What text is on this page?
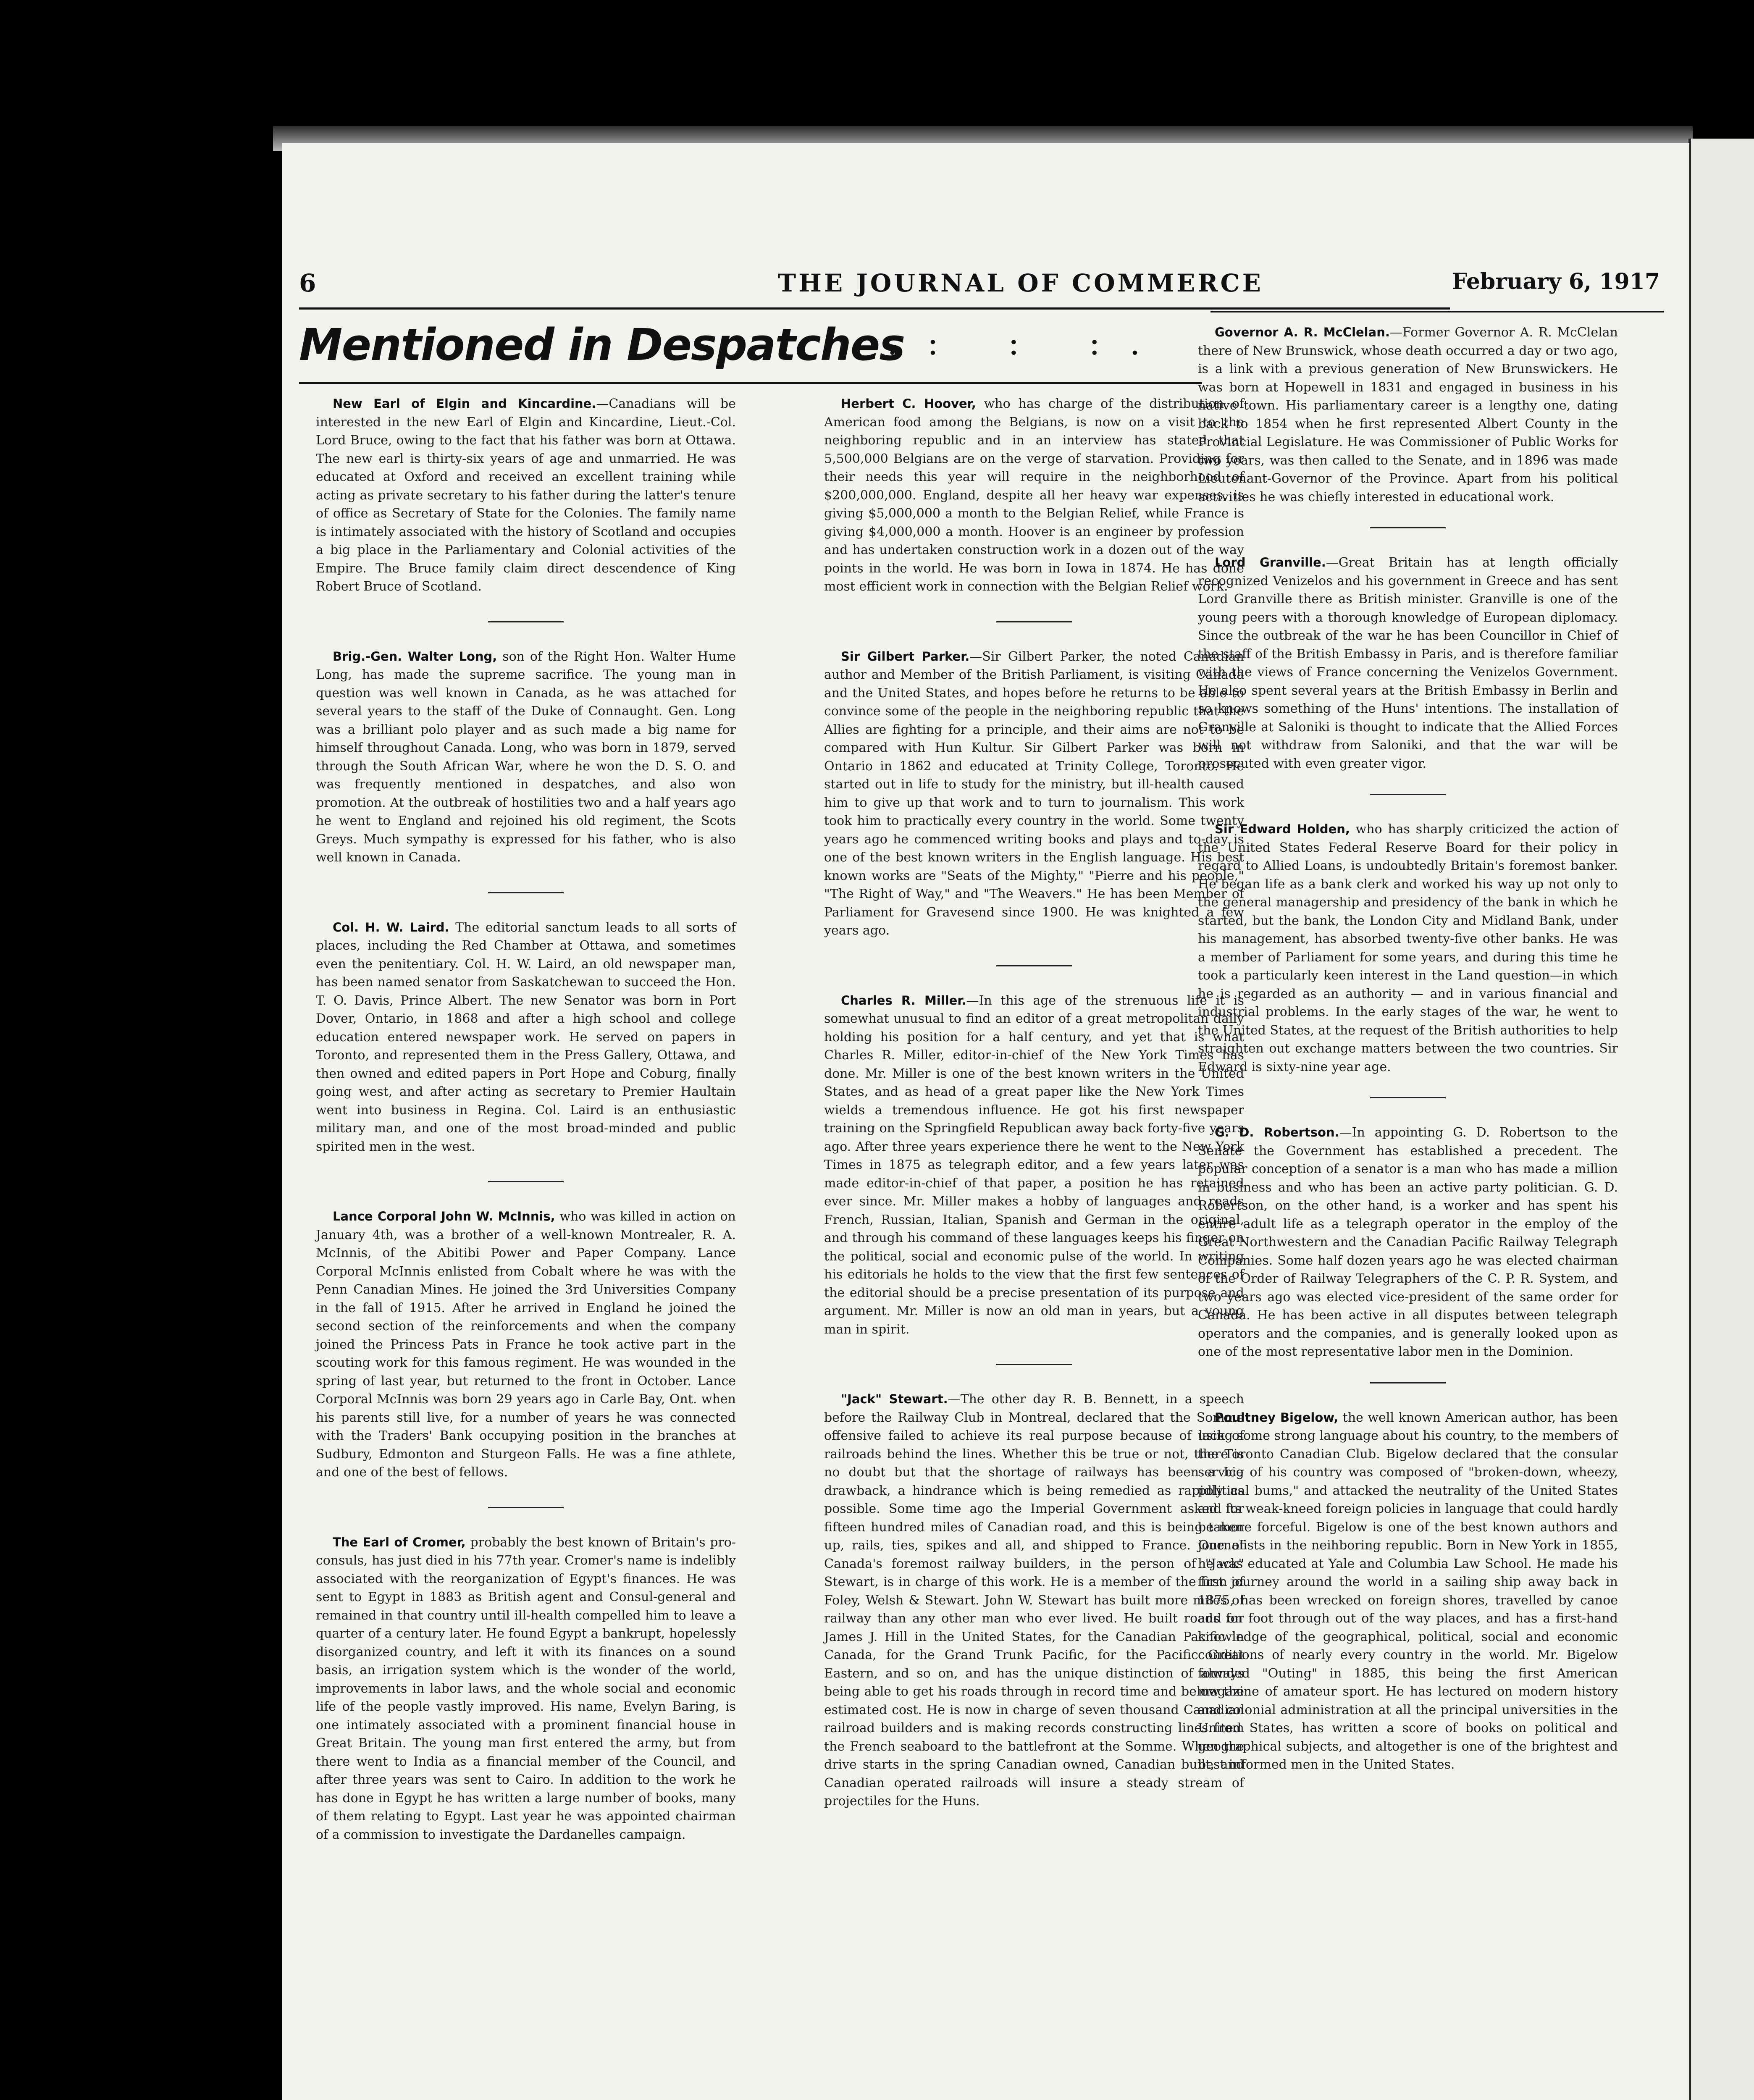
6	THE JOURNAL OF COMMERCE	February 6, 1917
Mentioned in Despatches
.: : :.

New Earl of Elgin and Kincardine.—Canadians will be interested in the new Earl of Elgin and Kincardine, Lieut.-Col. Lord Bruce, owing to the fact that his father was born at Ottawa. The new earl is thirty-six years of age and unmarried. He was educated at Oxford and received an excellent training while acting as private secretary to his father during the latter's tenure of office as Secretary of State for the Colonies. The family name is intimately associated with the history of Scotland and occupies a big place in the Parliamentary and Colonial activities of the Empire. The Bruce family claim direct descendence of King Robert Bruce of Scotland.

Brig.-Gen. Walter Long, son of the Right Hon. Walter Hume Long, has made the supreme sacrifice. The young man in question was well known in Canada, as he was attached for several years to the staff of the Duke of Connaught. Gen. Long was a brilliant polo player and as such made a big name for himself throughout Canada. Long, who was born in 1879, served through the South African War, where he won the D. S. O. and was frequently mentioned in despatches, and also won promotion. At the outbreak of hostilities two and a half years ago he went to England and rejoined his old regiment, the Scots Greys. Much sympathy is expressed for his father, who is also well known in Canada.

Col. H. W. Laird. The editorial sanctum leads to all sorts of places, including the Red Chamber at Ottawa, and sometimes even the penitentiary. Col. H. W. Laird, an old newspaper man, has been named senator from Saskatchewan to succeed the Hon. T. O. Davis, Prince Albert. The new Senator was born in Port Dover, Ontario, in 1868 and after a high school and college education entered newspaper work. He served on papers in Toronto, and represented them in the Press Gallery, Ottawa, and then owned and edited papers in Port Hope and Coburg, finally going west, and after acting as secretary to Premier Haultain went into business in Regina. Col. Laird is an enthusiastic military man, and one of the most broad-minded and public spirited men in the west.

Lance Corporal John W. McInnis, who was killed in action on January 4th, was a brother of a well-known Montrealer, R. A. McInnis, of the Abitibi Power and Paper Company. Lance Corporal McInnis enlisted from Cobalt where he was with the Penn Canadian Mines. He joined the 3rd Universities Company in the fall of 1915. After he arrived in England he joined the second section of the reinforcements and when the company joined the Princess Pats in France he took active part in the scouting work for this famous regiment. He was wounded in the spring of last year, but returned to the front in October. Lance Corporal McInnis was born 29 years ago in Carle Bay, Ont. when his parents still live, for a number of years he was connected with the Traders' Bank occupying position in the branches at Sudbury, Edmonton and Sturgeon Falls. He was a fine athlete, and one of the best of fellows.

The Earl of Cromer, probably the best known of Britain's pro-consuls, has just died in his 77th year. Cromer's name is indelibly associated with the reorganization of Egypt's finances. He was sent to Egypt in 1883 as British agent and Consul-general and remained in that country until ill-health compelled him to leave a quarter of a century later. He found Egypt a bankrupt, hopelessly disorganized country, and left it with its finances on a sound basis, an irrigation system which is the wonder of the world, improvements in labor laws, and the whole social and economic life of the people vastly improved. His name, Evelyn Baring, is one intimately associated with a prominent financial house in Great Britain. The young man first entered the army, but from there went to India as a financial member of the Council, and after three years was sent to Cairo. In addition to the work he has done in Egypt he has written a large number of books, many of them relating to Egypt. Last year he was appointed chairman of a commission to investigate the Dardanelles campaign.

Herbert C. Hoover, who has charge of the distribution of American food among the Belgians, is now on a visit to the neighboring republic and in an interview has stated that 5,500,000 Belgians are on the verge of starvation. Providing for their needs this year will require in the neighborhood of $200,000,000. England, despite all her heavy war expenses, is giving $5,000,000 a month to the Belgian Relief, while France is giving $4,000,000 a month. Hoover is an engineer by profession and has undertaken construction work in a dozen out of the way points in the world. He was born in Iowa in 1874. He has done most efficient work in connection with the Belgian Relief work.

Sir Gilbert Parker.—Sir Gilbert Parker, the noted Canadian author and Member of the British Parliament, is visiting Canada and the United States, and hopes before he returns to be able to convince some of the people in the neighboring republic that the Allies are fighting for a principle, and their aims are not to be compared with Hun Kultur. Sir Gilbert Parker was born in Ontario in 1862 and educated at Trinity College, Toronto. He started out in life to study for the ministry, but ill-health caused him to give up that work and to turn to journalism. This work took him to practically every country in the world. Some twenty years ago he commenced writing books and plays and to-day is one of the best known writers in the English language. His best known works are "Seats of the Mighty," "Pierre and his people," "The Right of Way," and "The Weavers." He has been Member of Parliament for Gravesend since 1900. He was knighted a few years ago.

Charles R. Miller.—In this age of the strenuous life it is somewhat unusual to find an editor of a great metropolitan daily holding his position for a half century, and yet that is what Charles R. Miller, editor-in-chief of the New York Times has done. Mr. Miller is one of the best known writers in the United States, and as head of a great paper like the New York Times wields a tremendous influence. He got his first newspaper training on the Springfield Republican away back forty-five years ago. After three years experience there he went to the New York Times in 1875 as telegraph editor, and a few years later was made editor-in-chief of that paper, a position he has retained ever since. Mr. Miller makes a hobby of languages and reads French, Russian, Italian, Spanish and German in the original, and through his command of these languages keeps his finger on the political, social and economic pulse of the world. In writing his editorials he holds to the view that the first few sentences of the editorial should be a precise presentation of its purpose and argument. Mr. Miller is now an old man in years, but a young man in spirit.

"Jack" Stewart.—The other day R. B. Bennett, in a speech before the Railway Club in Montreal, declared that the Somme offensive failed to achieve its real purpose because of lack of railroads behind the lines. Whether this be true or not, there is no doubt but that the shortage of railways has been a big drawback, a hindrance which is being remedied as rapidly as possible. Some time ago the Imperial Government asked for fifteen hundred miles of Canadian road, and this is being taken up, rails, ties, spikes and all, and shipped to France. One of Canada's foremost railway builders, in the person of "Jack" Stewart, is in charge of this work. He is a member of the firm of Foley, Welsh & Stewart. John W. Stewart has built more miles of railway than any other man who ever lived. He built roads for James J. Hill in the United States, for the Canadian Pacific in Canada, for the Grand Trunk Pacific, for the Pacific Great Eastern, and so on, and has the unique distinction of always being able to get his roads through in record time and below the estimated cost. He is now in charge of seven thousand Canadian railroad builders and is making records constructing lines from the French seaboard to the battlefront at the Somme. When the drive starts in the spring Canadian owned, Canadian built, and Canadian operated railroads will insure a steady stream of projectiles for the Huns.

Governor A. R. McClelan.—Former Governor A. R. McClelan there of New Brunswick, whose death occurred a day or two ago, is a link with a previous generation of New Brunswickers. He was born at Hopewell in 1831 and engaged in business in his native town. His parliamentary career is a lengthy one, dating back to 1854 when he first represented Albert County in the Provincial Legislature. He was Commissioner of Public Works for two years, was then called to the Senate, and in 1896 was made Lieutenant-Governor of the Province. Apart from his political activities he was chiefly interested in educational work.

Lord Granville.—Great Britain has at length officially recognized Venizelos and his government in Greece and has sent Lord Granville there as British minister. Granville is one of the young peers with a thorough knowledge of European diplomacy. Since the outbreak of the war he has been Councillor in Chief of the staff of the British Embassy in Paris, and is therefore familiar with the views of France concerning the Venizelos Government. He also spent several years at the British Embassy in Berlin and so knows something of the Huns' intentions. The installation of Granville at Saloniki is thought to indicate that the Allied Forces will not withdraw from Saloniki, and that the war will be prosecuted with even greater vigor.

Sir Edward Holden, who has sharply criticized the action of the United States Federal Reserve Board for their policy in regard to Allied Loans, is undoubtedly Britain's foremost banker. He began life as a bank clerk and worked his way up not only to the general managership and presidency of the bank in which he started, but the bank, the London City and Midland Bank, under his management, has absorbed twenty-five other banks. He was a member of Parliament for some years, and during this time he took a particularly keen interest in the Land question—in which he is regarded as an authority — and in various financial and industrial problems. In the early stages of the war, he went to the United States, at the request of the British authorities to help straighten out exchange matters between the two countries. Sir Edward is sixty-nine year age.

G. D. Robertson.—In appointing G. D. Robertson to the Senate the Government has established a precedent. The popular conception of a senator is a man who has made a million in business and who has been an active party politician. G. D. Robertson, on the other hand, is a worker and has spent his entire adult life as a telegraph operator in the employ of the Great Northwestern and the Canadian Pacific Railway Telegraph Companies. Some half dozen years ago he was elected chairman of the Order of Railway Telegraphers of the C. P. R. System, and two years ago was elected vice-president of the same order for Canada. He has been active in all disputes between telegraph operators and the companies, and is generally looked upon as one of the most representative labor men in the Dominion.

Poultney Bigelow, the well known American author, has been using some strong language about his country, to the members of the Toronto Canadian Club. Bigelow declared that the consular service of his country was composed of "broken-down, wheezy, political bums," and attacked the neutrality of the United States and its weak-kneed foreign policies in language that could hardly be more forceful. Bigelow is one of the best known authors and journalists in the neihboring republic. Born in New York in 1855, he was educated at Yale and Columbia Law School. He made his first journey around the world in a sailing ship away back in 1875, has been wrecked on foreign shores, travelled by canoe and on foot through out of the way places, and has a first-hand knowledge of the geographical, political, social and economic conditions of nearly every country in the world. Mr. Bigelow founded "Outing" in 1885, this being the first American magazine of amateur sport. He has lectured on modern history and colonial administration at all the principal universities in the United States, has written a score of books on political and geographical subjects, and altogether is one of the brightest and best informed men in the United States.
